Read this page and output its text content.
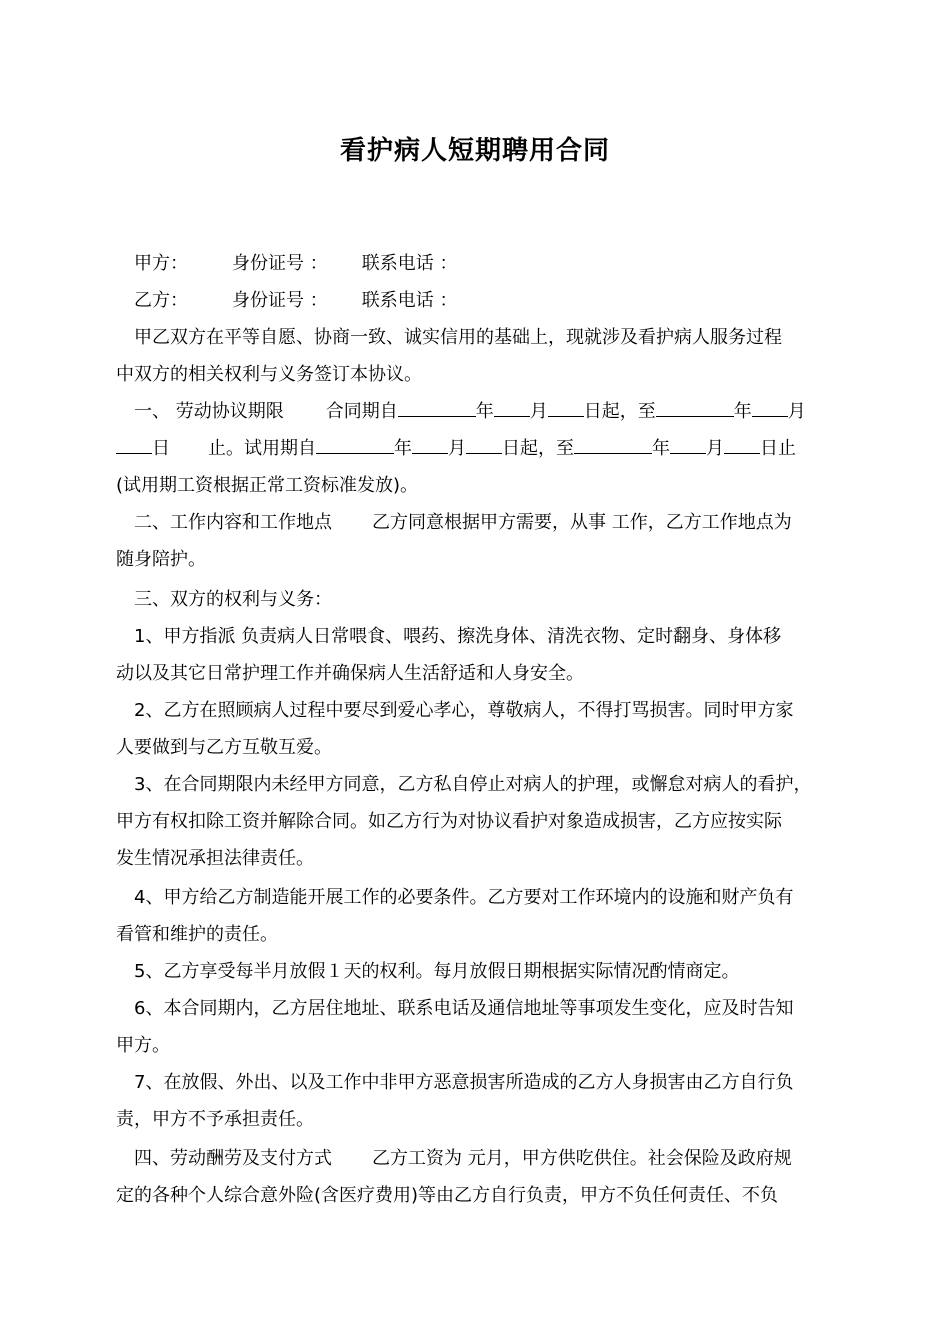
看护病人短期聘用合同
甲方： 身份证号 ： 联系电话 ：
乙方： 身份证号 ： 联系电话 ：
甲乙双方在平等自愿、协商一致、诚实信用的基础上，现就涉及看护病人服务过程
中双方的相关权利与义务签订本协议。
一、 劳动协议期限 合同期自	年 月 日起，至	年 月
日 止。试用期自	年 月 日起，至	年 月 日止
(试用期工资根据正常工资标准发放)。
二、工作内容和工作地点 乙方同意根据甲方需要，从事 工作，乙方工作地点为
随身陪护。
三、双方的权利与义务：
1、甲方指派 负责病人日常喂食、喂药、擦洗身体、清洗衣物、定时翻身、身体移
动以及其它日常护理工作并确保病人生活舒适和人身安全。
2、乙方在照顾病人过程中要尽到爱心孝心，尊敬病人，不得打骂损害。同时甲方家
人要做到与乙方互敬互爱。
3、在合同期限内未经甲方同意，乙方私自停止对病人的护理，或懈怠对病人的看护，
甲方有权扣除工资并解除合同。如乙方行为对协议看护对象造成损害，乙方应按实际
发生情况承担法律责任。
4、甲方给乙方制造能开展工作的必要条件。乙方要对工作环境内的设施和财产负有
看管和维护的责任。
5、乙方享受每半月放假１天的权利。每月放假日期根据实际情况酌情商定。
6、本合同期内，乙方居住地址、联系电话及通信地址等事项发生变化，应及时告知
甲方。
7、在放假、外出、以及工作中非甲方恶意损害所造成的乙方人身损害由乙方自行负
责，甲方不予承担责任。
四、劳动酬劳及支付方式 乙方工资为 元月，甲方供吃供住。社会保险及政府规
定的各种个人综合意外险(含医疗费用)等由乙方自行负责，甲方不负任何责任、不负
